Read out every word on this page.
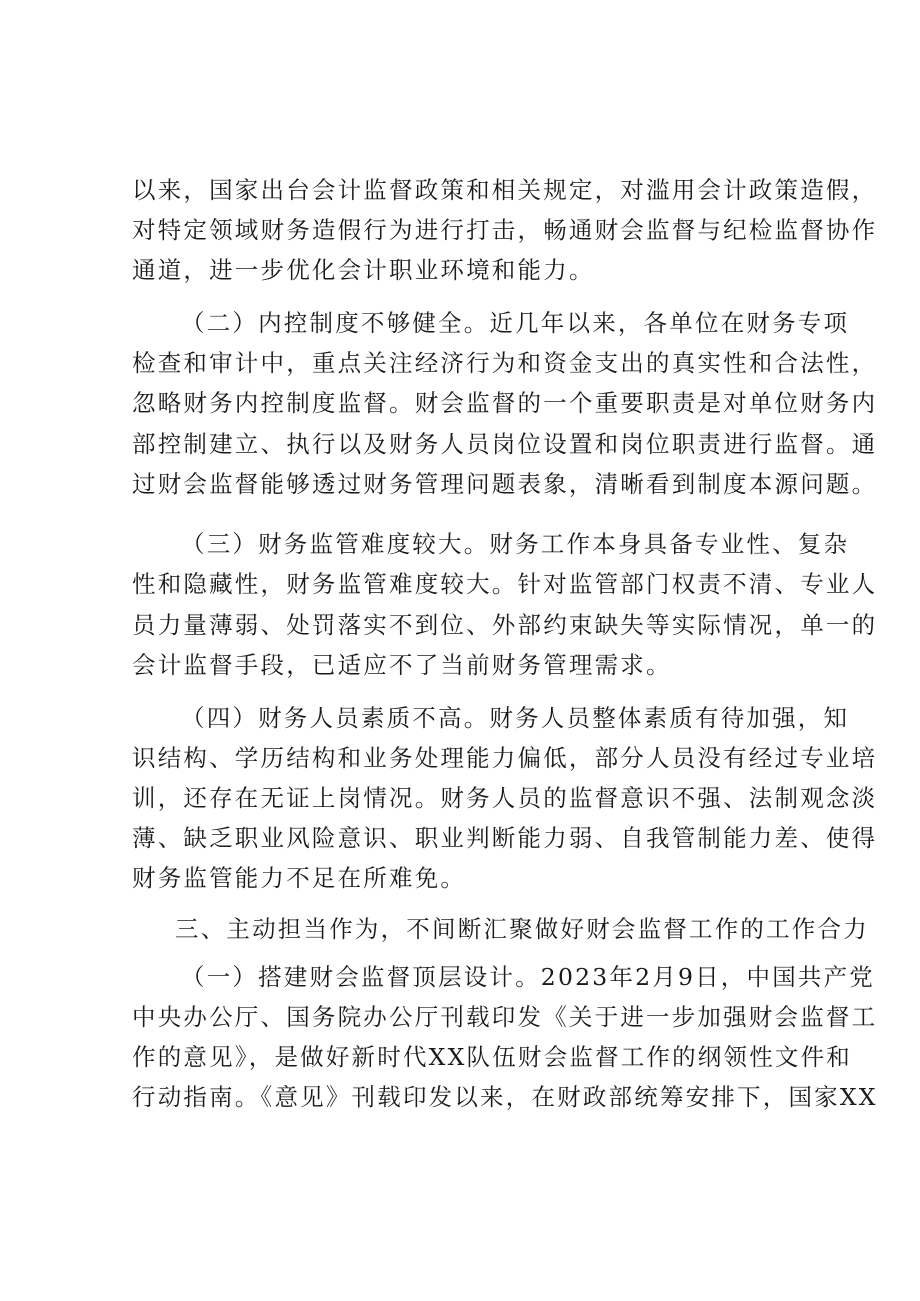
以来，国家出台会计监督政策和相关规定，对滥用会计政策造假，
对特定领域财务造假行为进行打击，畅通财会监督与纪检监督协作
通道，进一步优化会计职业环境和能力。
（二）内控制度不够健全。近几年以来，各单位在财务专项
检查和审计中，重点关注经济行为和资金支出的真实性和合法性，
忽略财务内控制度监督。财会监督的一个重要职责是对单位财务内
部控制建立、执行以及财务人员岗位设置和岗位职责进行监督。通
过财会监督能够透过财务管理问题表象，清晰看到制度本源问题。
（三）财务监管难度较大。财务工作本身具备专业性、复杂
性和隐藏性，财务监管难度较大。针对监管部门权责不清、专业人
员力量薄弱、处罚落实不到位、外部约束缺失等实际情况，单一的
会计监督手段，已适应不了当前财务管理需求。
（四）财务人员素质不高。财务人员整体素质有待加强，知
识结构、学历结构和业务处理能力偏低，部分人员没有经过专业培
训，还存在无证上岗情况。财务人员的监督意识不强、法制观念淡
薄、缺乏职业风险意识、职业判断能力弱、自我管制能力差、使得
财务监管能力不足在所难免。
三、主动担当作为，不间断汇聚做好财会监督工作的工作合力
（一）搭建财会监督顶层设计。2023年2月9日，中国共产党
中央办公厅、国务院办公厅刊载印发《关于进一步加强财会监督工
作的意见》，是做好新时代XX队伍财会监督工作的纲领性文件和
行动指南。《意见》刊载印发以来，在财政部统筹安排下，国家XX
